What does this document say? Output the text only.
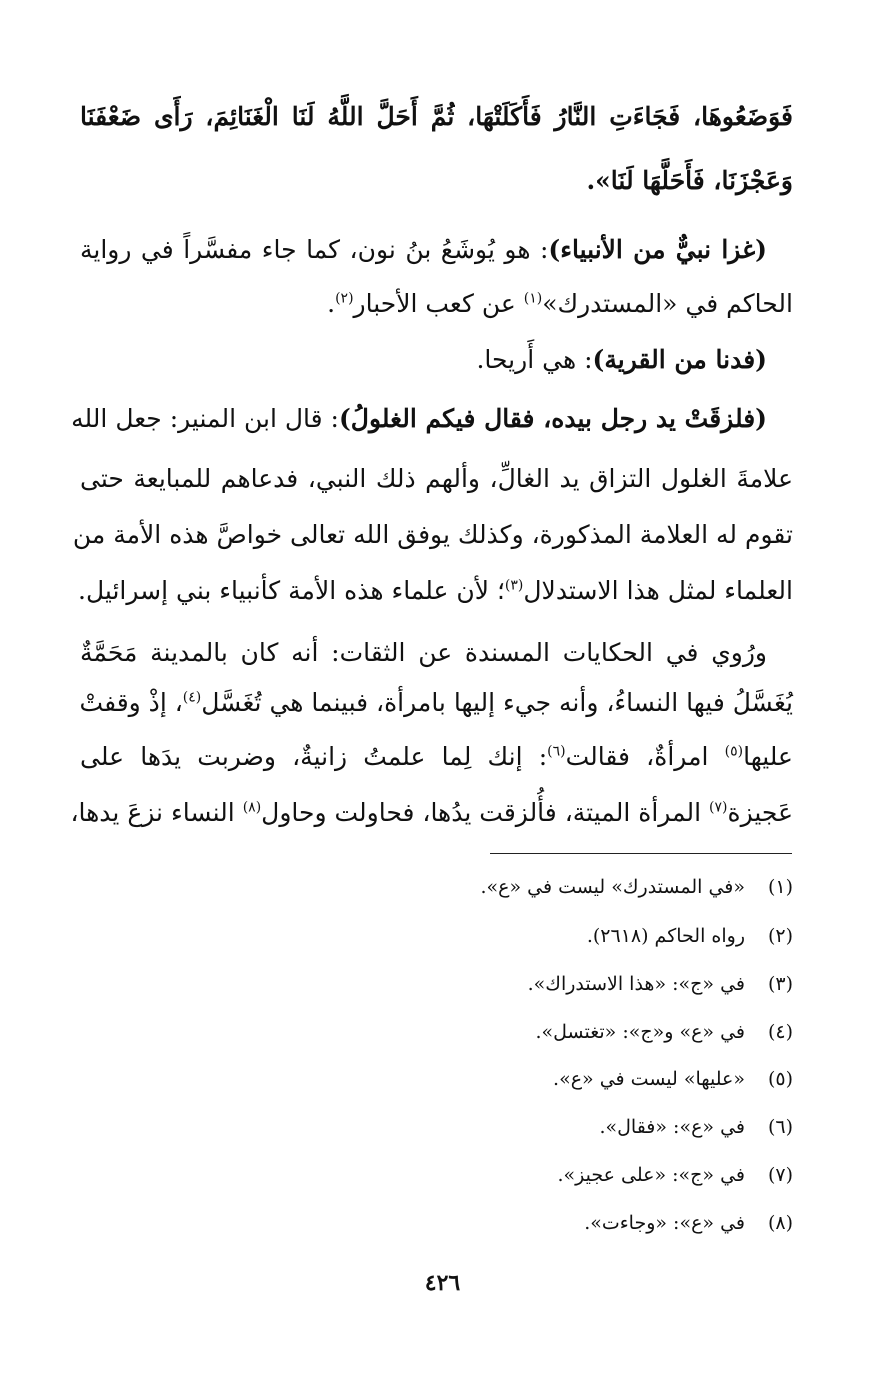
فَوَضَعُوهَا، فَجَاءَتِ النَّارُ فَأَكَلَتْهَا، ثُمَّ أَحَلَّ اللَّهُ لَنَا الْغَنَائِمَ، رَأَى ضَعْفَنَا
وَعَجْزَنَا، فَأَحَلَّهَا لَنَا».
(غزا نبيٌّ من الأنبياء): هو يُوشَعُ بنُ نون، كما جاء مفسَّراً في رواية
الحاكم في «المستدرك»$^{(١)}$ عن كعب الأحبار$^{(٢)}$.
(فدنا من القرية): هي أَريحا.
(فلزقَتْ يد رجل بيده، فقال فيكم الغلولُ): قال ابن المنير: جعل الله
علامةَ الغلول التزاق يد الغالِّ، وألهم ذلك النبي، فدعاهم للمبايعة حتى
تقوم له العلامة المذكورة، وكذلك يوفق الله تعالى خواصَّ هذه الأمة من
العلماء لمثل هذا الاستدلال$^{(٣)}$؛ لأن علماء هذه الأمة كأنبياء بني إسرائيل.
ورُوي في الحكايات المسندة عن الثقات: أنه كان بالمدينة مَحَمَّةٌ
يُغَسَّلُ فيها النساءُ، وأنه جيء إليها بامرأة، فبينما هي تُغَسَّل$^{(٤)}$، إذْ وقفتْ
عليها$^{(٥)}$ امرأةٌ، فقالت$^{(٦)}$: إنك لِما علمتُ زانيةٌ، وضربت يدَها على
عَجيزة$^{(٧)}$ المرأة الميتة، فأُلزقت يدُها، فحاولت وحاول$^{(٨)}$ النساء نزعَ يدها،
(١)«في المستدرك» ليست في «ع».
(٢)رواه الحاكم (٢٦١٨).
(٣)في «ج»: «هذا الاستدراك».
(٤)في «ع» و«ج»: «تغتسل».
(٥)«عليها» ليست في «ع».
(٦)في «ع»: «فقال».
(٧)في «ج»: «على عجيز».
(٨)في «ع»: «وجاءت».
٤٢٦
